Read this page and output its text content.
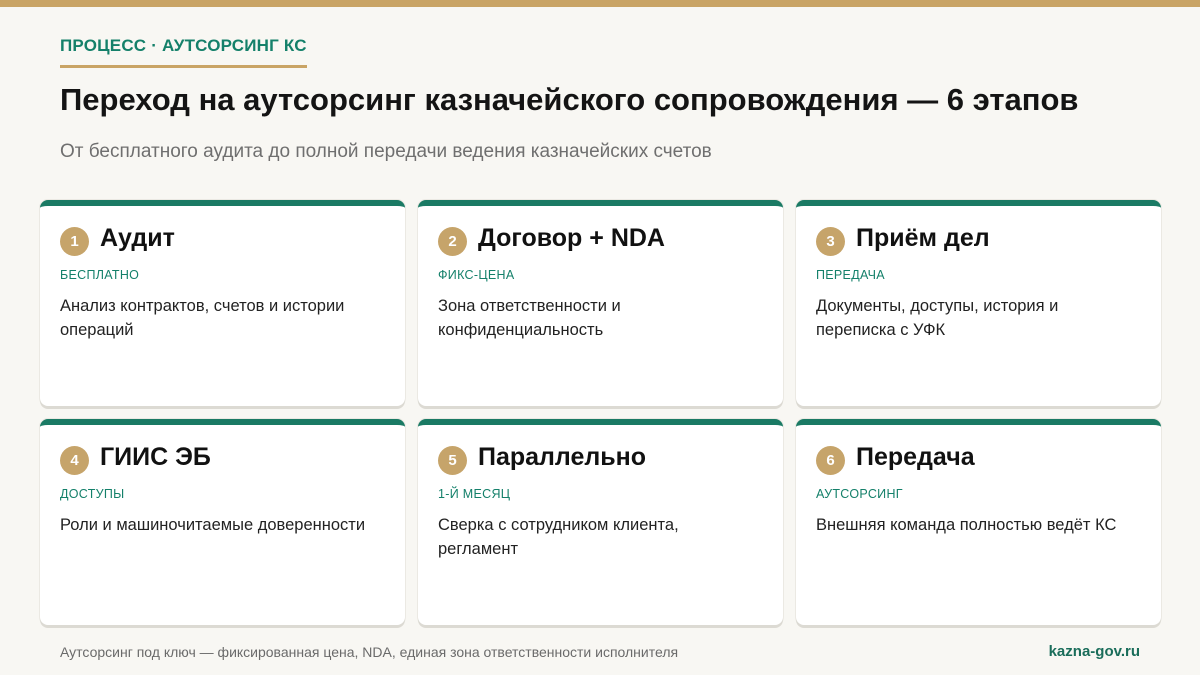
ПРОЦЕСС · АУТСОРСИНГ КС
Переход на аутсорсинг казначейского сопровождения — 6 этапов

От бесплатного аудита до полной передачи ведения казначейских счетов

1 Аудит
БЕСПЛАТНО
Анализ контрактов, счетов и истории операций
2 Договор + NDA
ФИКС-ЦЕНА
Зона ответственности и конфиденциальность
3 Приём дел
ПЕРЕДАЧА
Документы, доступы, история и переписка с УФК
4 ГИИС ЭБ
ДОСТУПЫ
Роли и машиночитаемые доверенности
5 Параллельно
1-Й МЕСЯЦ
Сверка с сотрудником клиента, регламент
6 Передача
АУТСОРСИНГ
Внешняя команда полностью ведёт КС
Аутсорсинг под ключ — фиксированная цена, NDA, единая зона ответственности исполнителя	kazna-gov.ru
